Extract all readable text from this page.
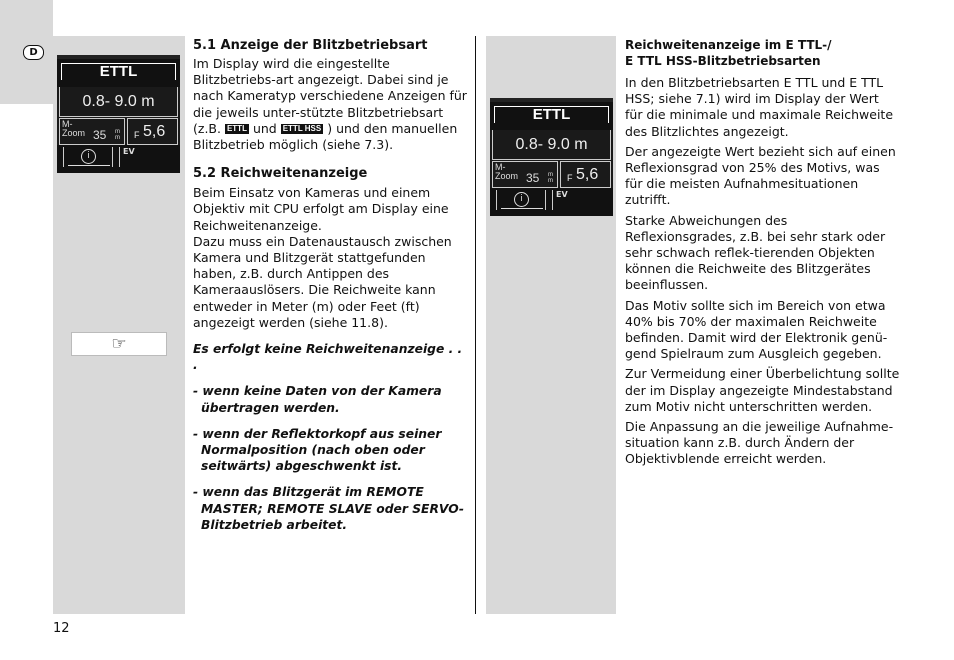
D
ETTL
0.8- 9.0 m
M-
Zoom 35 m
m F 5,6
i	EV
ETTL
0.8- 9.0 m
M-
Zoom 35 m
m F 5,6
i	EV
☞
5.1 Anzeige der Blitzbetriebsart

Im Display wird die eingestellte Blitzbetriebs-art angezeigt. Dabei sind je nach Kameratyp verschiedene Anzeigen für die jeweils unter-stützte Blitzbetriebsart (z.B. ETTL und ETTL HSS ) und den manuellen Blitzbetrieb möglich (siehe 7.3).

5.2 Reichweitenanzeige

Beim Einsatz von Kameras und einem Objektiv mit CPU erfolgt am Display eine Reichweitenanzeige.

Dazu muss ein Datenaustausch zwischen Kamera und Blitzgerät stattgefunden haben, z.B. durch Antippen des Kameraauslösers. Die Reichweite kann entweder in Meter (m) oder Feet (ft) angezeigt werden (siehe 11.8).

Es erfolgt keine Reichweitenanzeige . . .

- wenn keine Daten von der Kamera übertragen werden.

- wenn der Reflektorkopf aus seiner Normalposition (nach oben oder seitwärts) abgeschwenkt ist.

- wenn das Blitzgerät im REMOTE MASTER; REMOTE SLAVE oder SERVO-Blitzbetrieb arbeitet.

Reichweitenanzeige im E TTL-/

E TTL HSS-Blitzbetriebsarten

In den Blitzbetriebsarten E TTL und E TTL HSS; siehe 7.1) wird im Display der Wert für die minimale und maximale Reichweite des Blitzlichtes angezeigt.

Der angezeigte Wert bezieht sich auf einen Reflexionsgrad von 25% des Motivs, was für die meisten Aufnahmesituationen zutrifft.

Starke Abweichungen des Reflexionsgrades, z.B. bei sehr stark oder sehr schwach reflek-tierenden Objekten können die Reichweite des Blitzgerätes beeinflussen.

Das Motiv sollte sich im Bereich von etwa 40% bis 70% der maximalen Reichweite befinden. Damit wird der Elektronik genü-gend Spielraum zum Ausgleich gegeben.

Zur Vermeidung einer Überbelichtung sollte der im Display angezeigte Mindestabstand zum Motiv nicht unterschritten werden.

Die Anpassung an die jeweilige Aufnahme-situation kann z.B. durch Ändern der Objektivblende erreicht werden.

12
